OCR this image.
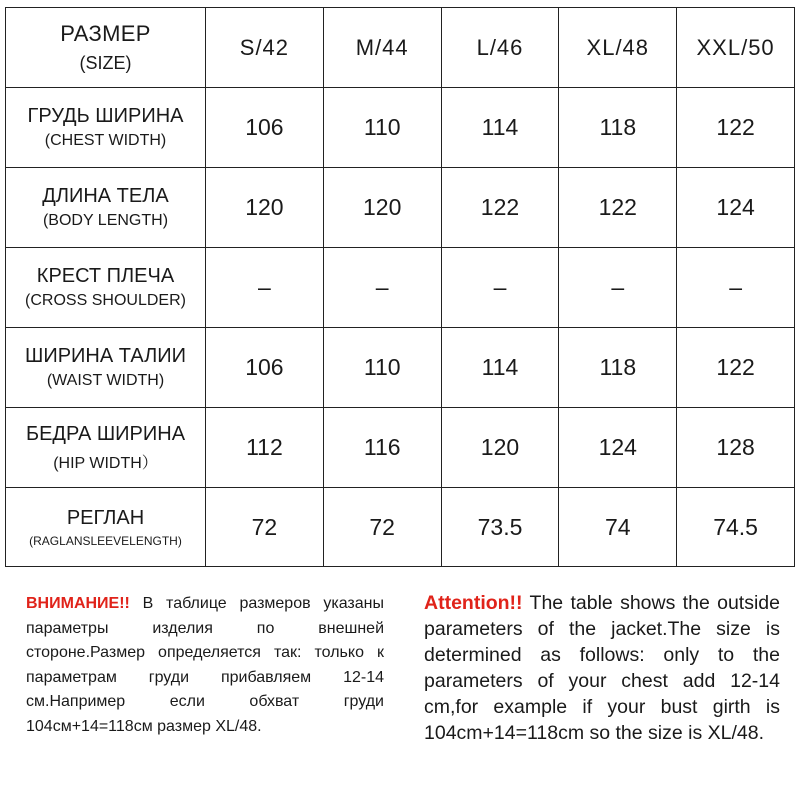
РАЗМЕР
(SIZE)	S/42	M/44	L/46	XL/48	XXL/50

ГРУДЬ ШИРИНА
(CHEST WIDTH)	106	110	114	118	122

ДЛИНА ТЕЛА
(BODY LENGTH)	120	120	122	122	124

КРЕСТ ПЛЕЧА
(CROSS SHOULDER)	–	–	–	–	–

ШИРИНА ТАЛИИ
(WAIST WIDTH)	106	110	114	118	122

БЕДРА ШИРИНА
(HIP WIDTH）	112	116	120	124	128

РЕГЛАН
(RAGLANSLEEVELENGTH)	72	72	73.5	74	74.5
ВНИМАНИЕ!! В таблице размеров указаны параметры изделия по внешней стороне.Размер определяется так: только к параметрам груди прибавляем 12-14 см.Например если обхват груди 104см+14=118см размер XL/48.
Attention!! The table shows the outside parameters of the jacket.The size is determined as follows: only to the parameters of your chest add 12-14 cm,for example if your bust girth is 104cm+14=118cm so the size is XL/48.
